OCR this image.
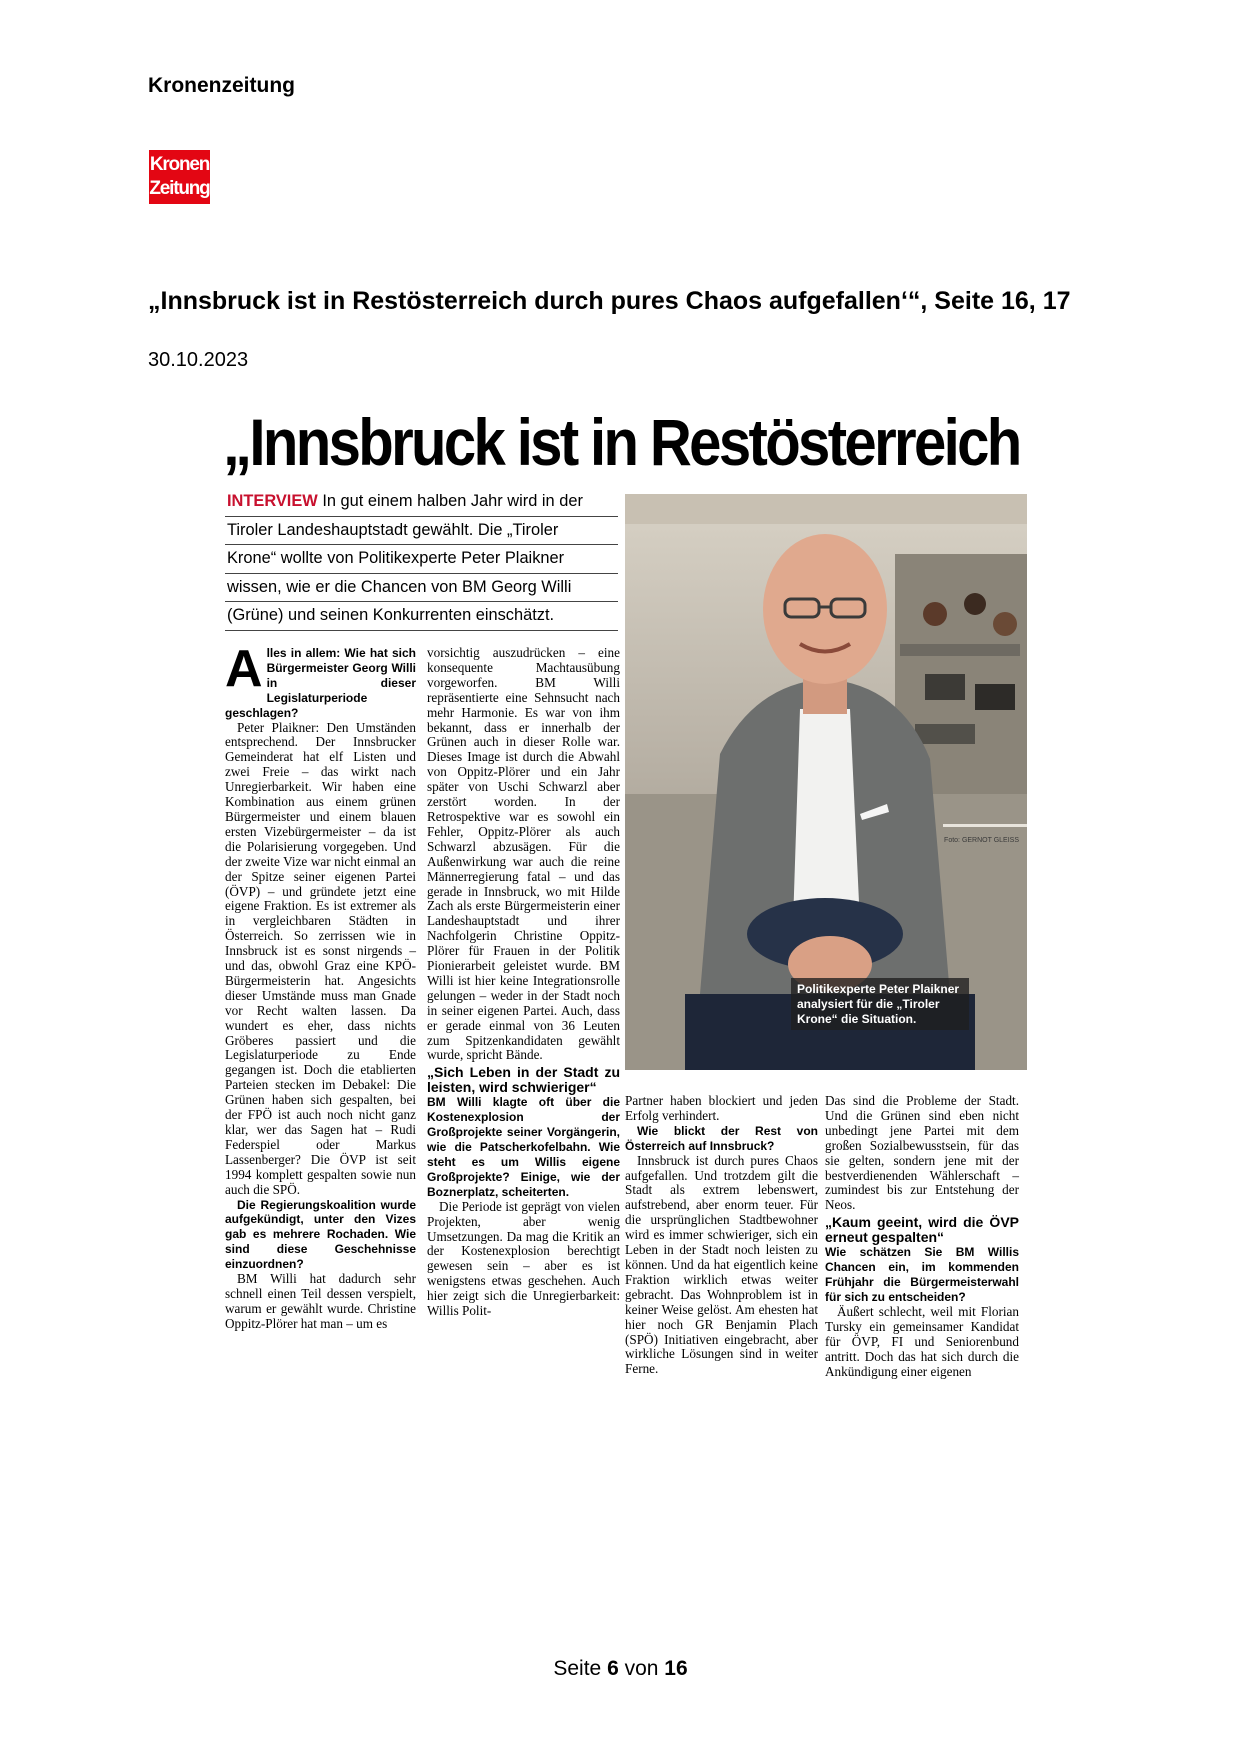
Kronenzeitung
Kronen
Zeitung
„Innsbruck ist in Restösterreich durch pures Chaos aufgefallen‘“, Seite 16, 17
30.10.2023
„Innsbruck ist in Restösterreich
INTERVIEW In gut einem halben Jahr wird in der
Tiroler Landeshauptstadt gewählt. Die „Tiroler
Krone“ wollte von Politikexperte Peter Plaikner
wissen, wie er die Chancen von BM Georg Willi
(Grüne) und seinen Konkurrenten einschätzt.
Foto: GERNOT GLEISS
Politikexperte Peter Plaikner analysiert für die „Tiroler Krone“ die Situation.

Alles in allem: Wie hat sich Bürgermeister Georg Willi in dieser Legislaturperiode geschlagen?

Peter Plaikner: Den Umständen entsprechend. Der Innsbrucker Gemeinderat hat elf Listen und zwei Freie – das wirkt nach Unregierbarkeit. Wir haben eine Kombination aus einem grünen Bürgermeister und einem blauen ersten Vizebürgermeister – da ist die Polarisierung vorgegeben. Und der zweite Vize war nicht einmal an der Spitze seiner eigenen Partei (ÖVP) – und gründete jetzt eine eigene Fraktion. Es ist extremer als in vergleichbaren Städten in Österreich. So zerrissen wie in Innsbruck ist es sonst nirgends – und das, obwohl Graz eine KPÖ-Bürgermeisterin hat. Angesichts dieser Umstände muss man Gnade vor Recht walten lassen. Da wundert es eher, dass nichts Gröberes passiert und die Legislaturperiode zu Ende gegangen ist. Doch die etablierten Parteien stecken im Debakel: Die Grünen haben sich gespalten, bei der FPÖ ist auch noch nicht ganz klar, wer das Sagen hat – Rudi Federspiel oder Markus Lassenberger? Die ÖVP ist seit 1994 komplett gespalten sowie nun auch die SPÖ.

Die Regierungskoalition wurde aufgekündigt, unter den Vizes gab es mehrere Rochaden. Wie sind diese Geschehnisse einzuordnen?

BM Willi hat dadurch sehr schnell einen Teil dessen verspielt, warum er gewählt wurde. Christine Oppitz-Plörer hat man – um es

vorsichtig auszudrücken – eine konsequente Machtausübung vorgeworfen. BM Willi repräsentierte eine Sehnsucht nach mehr Harmonie. Es war von ihm bekannt, dass er innerhalb der Grünen auch in dieser Rolle war. Dieses Image ist durch die Abwahl von Oppitz-Plörer und ein Jahr später von Uschi Schwarzl aber zerstört worden. In der Retrospektive war es sowohl ein Fehler, Oppitz-Plörer als auch Schwarzl abzusägen. Für die Außenwirkung war auch die reine Männerregierung fatal – und das gerade in Innsbruck, wo mit Hilde Zach als erste Bürgermeisterin einer Landeshauptstadt und ihrer Nachfolgerin Christine Oppitz-Plörer für Frauen in der Politik Pionierarbeit geleistet wurde. BM Willi ist hier keine Integrationsrolle gelungen – weder in der Stadt noch in seiner eigenen Partei. Auch, dass er gerade einmal von 36 Leuten zum Spitzenkandidaten gewählt wurde, spricht Bände.

„Sich Leben in der Stadt zu leisten, wird schwieriger“

BM Willi klagte oft über die Kostenexplosion der Großprojekte seiner Vorgängerin, wie die Patscherkofelbahn. Wie steht es um Willis eigene Großprojekte? Einige, wie der Boznerplatz, scheiterten.

Die Periode ist geprägt von vielen Projekten, aber wenig Umsetzungen. Da mag die Kritik an der Kostenexplosion berechtigt gewesen sein – aber es ist wenigstens etwas geschehen. Auch hier zeigt sich die Unregierbarkeit: Willis Polit-

Partner haben blockiert und jeden Erfolg verhindert.

Wie blickt der Rest von Österreich auf Innsbruck?

Innsbruck ist durch pures Chaos aufgefallen. Und trotzdem gilt die Stadt als extrem lebenswert, aufstrebend, aber enorm teuer. Für die ursprünglichen Stadtbewohner wird es immer schwieriger, sich ein Leben in der Stadt noch leisten zu können. Und da hat eigentlich keine Fraktion wirklich etwas weiter gebracht. Das Wohnproblem ist in keiner Weise gelöst. Am ehesten hat hier noch GR Benjamin Plach (SPÖ) Initiativen eingebracht, aber wirkliche Lösungen sind in weiter Ferne.

Das sind die Probleme der Stadt. Und die Grünen sind eben nicht unbedingt jene Partei mit dem großen Sozialbewusstsein, für das sie gelten, sondern jene mit der bestverdienenden Wählerschaft – zumindest bis zur Entstehung der Neos.

„Kaum geeint, wird die ÖVP erneut gespalten“

Wie schätzen Sie BM Willis Chancen ein, im kommenden Frühjahr die Bürgermeisterwahl für sich zu entscheiden?

Äußert schlecht, weil mit Florian Tursky ein gemeinsamer Kandidat für ÖVP, FI und Seniorenbund antritt. Doch das hat sich durch die Ankündigung einer eigenen

Seite 6 von 16
